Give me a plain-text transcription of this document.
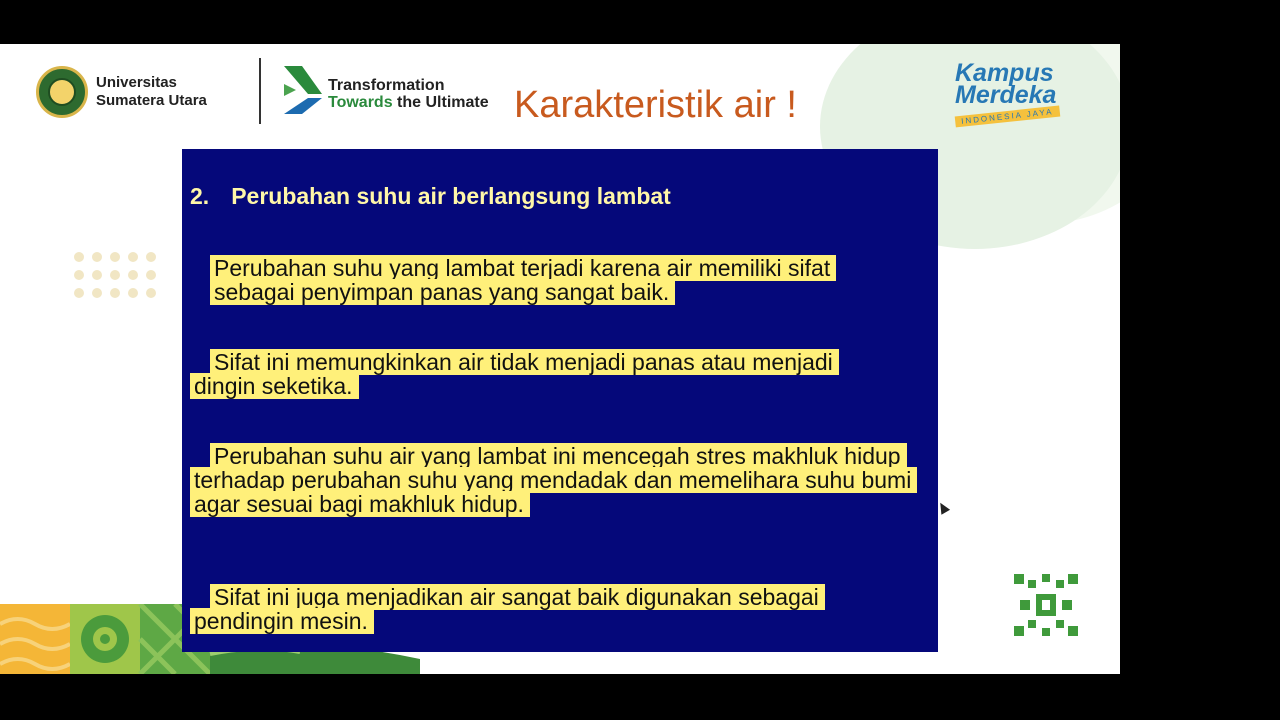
Universitas
Sumatera Utara
Transformation
Towards the Ultimate Karakteristik air !
Kampus
Merdeka
INDONESIA JAYA
2. Perubahan suhu air berlangsung lambat
Perubahan suhu yang lambat terjadi karena air memiliki sifat sebagai penyimpan panas yang sangat baik.
Sifat ini memungkinkan air tidak menjadi panas atau menjadi dingin seketika.
Perubahan suhu air yang lambat ini mencegah stres makhluk hidup terhadap perubahan suhu yang mendadak dan memelihara suhu bumi agar sesuai bagi makhluk hidup.
Sifat ini juga menjadikan air sangat baik digunakan sebagai pendingin mesin.
